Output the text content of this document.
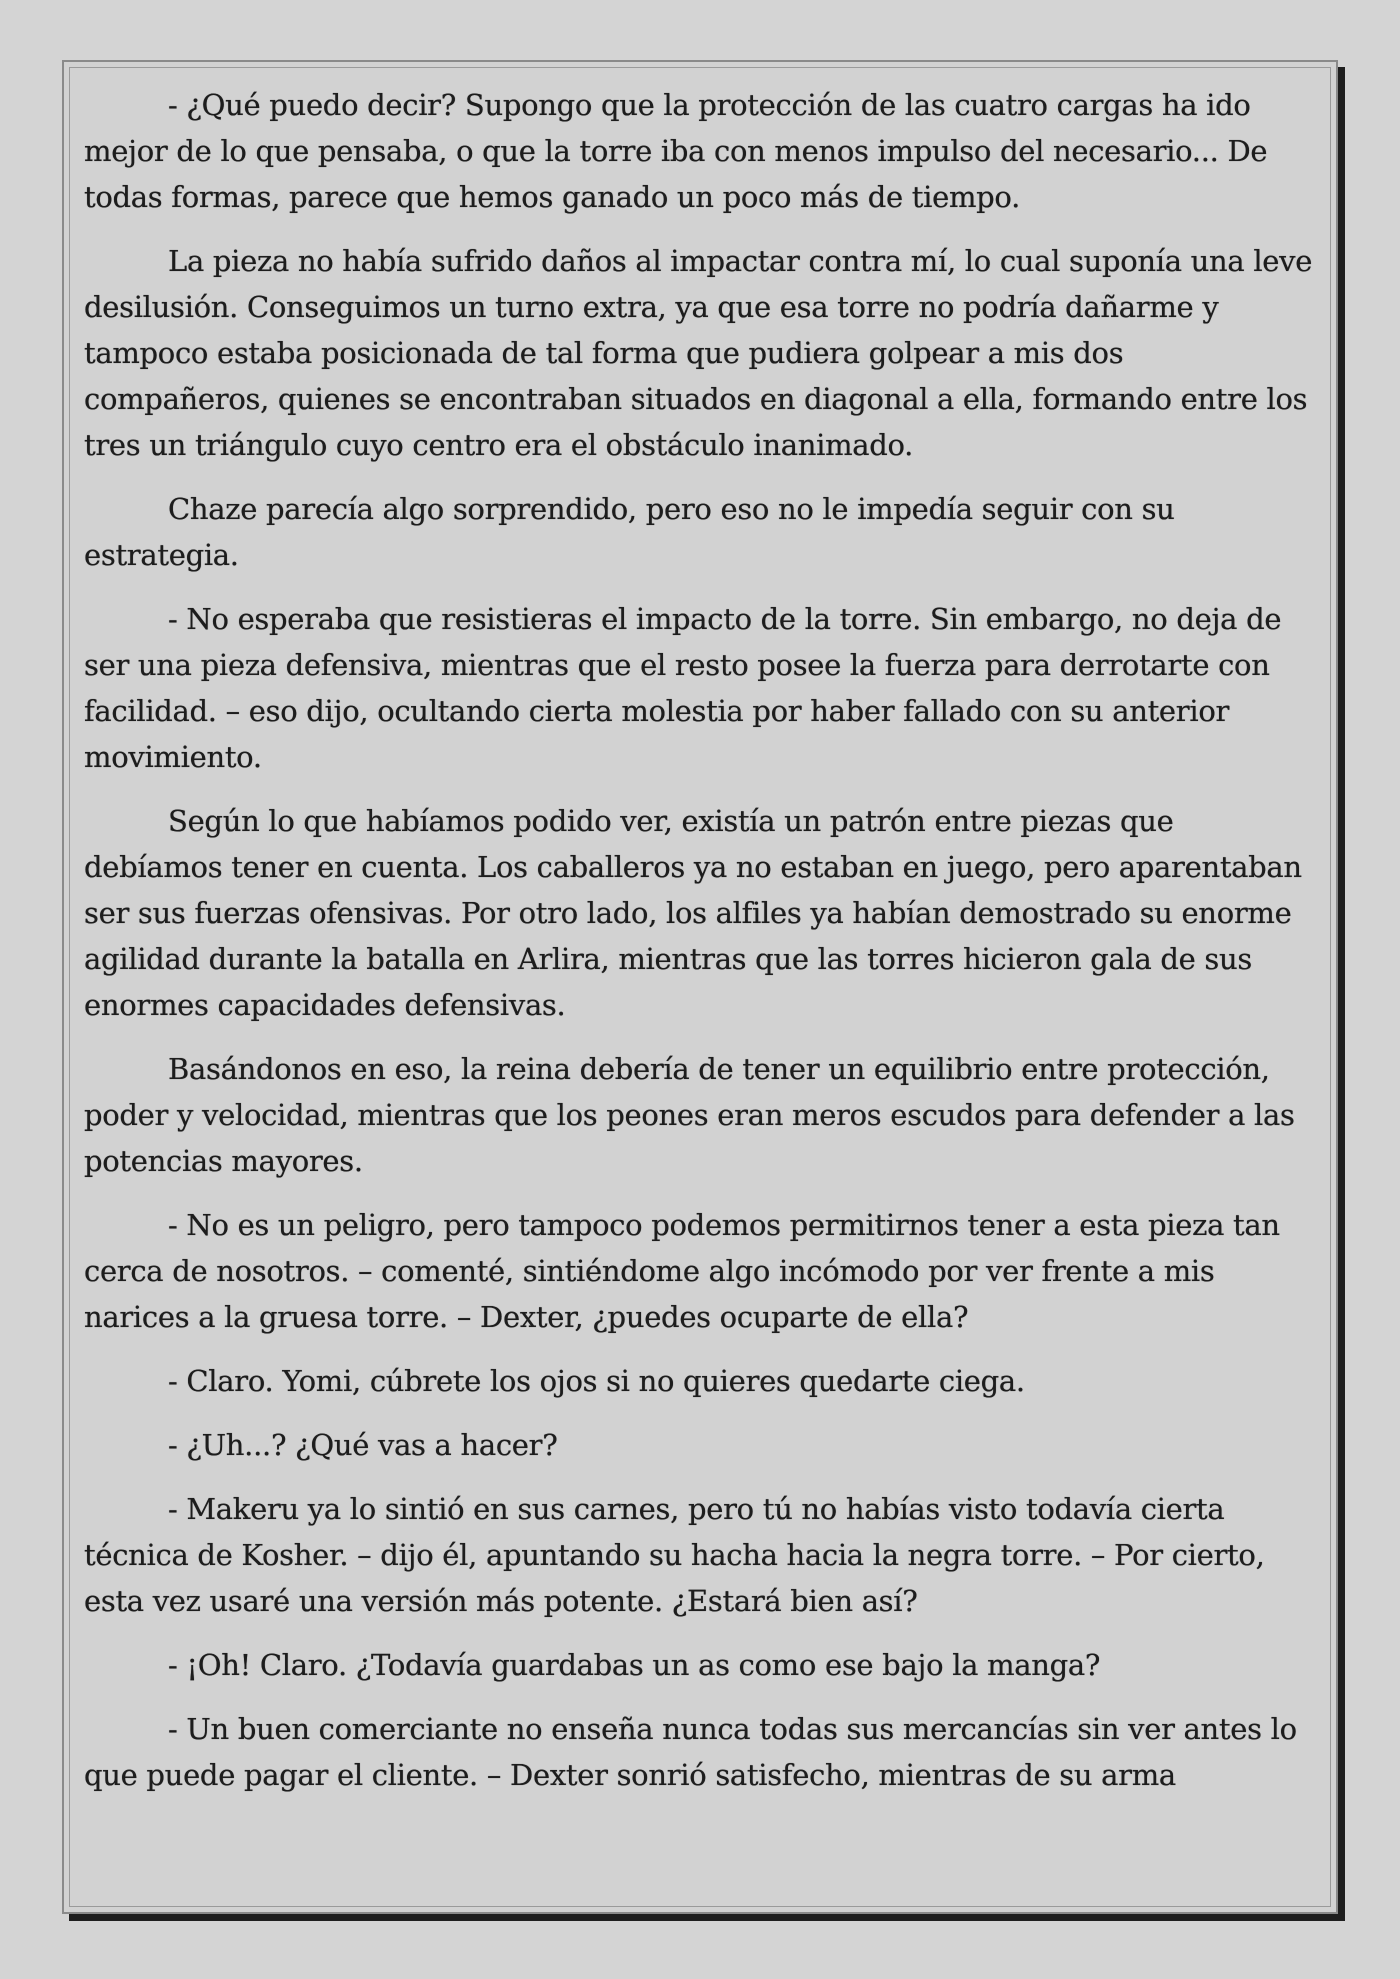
- ¿Qué puedo decir? Supongo que la protección de las cuatro cargas ha ido mejor de lo que pensaba, o que la torre iba con menos impulso del necesario... De todas formas, parece que hemos ganado un poco más de tiempo.

La pieza no había sufrido daños al impactar contra mí, lo cual suponía una leve desilusión. Conseguimos un turno extra, ya que esa torre no podría dañarme y tampoco estaba posicionada de tal forma que pudiera golpear a mis dos compañeros, quienes se encontraban situados en diagonal a ella, formando entre los tres un triángulo cuyo centro era el obstáculo inanimado.

Chaze parecía algo sorprendido, pero eso no le impedía seguir con su estrategia.

- No esperaba que resistieras el impacto de la torre. Sin embargo, no deja de ser una pieza defensiva, mientras que el resto posee la fuerza para derrotarte con facilidad. – eso dijo, ocultando cierta molestia por haber fallado con su anterior movimiento.

Según lo que habíamos podido ver, existía un patrón entre piezas que debíamos tener en cuenta. Los caballeros ya no estaban en juego, pero aparentaban ser sus fuerzas ofensivas. Por otro lado, los alfiles ya habían demostrado su enorme agilidad durante la batalla en Arlira, mientras que las torres hicieron gala de sus enormes capacidades defensivas.

Basándonos en eso, la reina debería de tener un equilibrio entre protección, poder y velocidad, mientras que los peones eran meros escudos para defender a las potencias mayores.

- No es un peligro, pero tampoco podemos permitirnos tener a esta pieza tan cerca de nosotros. – comenté, sintiéndome algo incómodo por ver frente a mis narices a la gruesa torre. – Dexter, ¿puedes ocuparte de ella?

- Claro. Yomi, cúbrete los ojos si no quieres quedarte ciega.

- ¿Uh...? ¿Qué vas a hacer?

- Makeru ya lo sintió en sus carnes, pero tú no habías visto todavía cierta técnica de Kosher. – dijo él, apuntando su hacha hacia la negra torre. – Por cierto, esta vez usaré una versión más potente. ¿Estará bien así?

- ¡Oh! Claro. ¿Todavía guardabas un as como ese bajo la manga?

- Un buen comerciante no enseña nunca todas sus mercancías sin ver antes lo que puede pagar el cliente. – Dexter sonrió satisfecho, mientras de su arma
